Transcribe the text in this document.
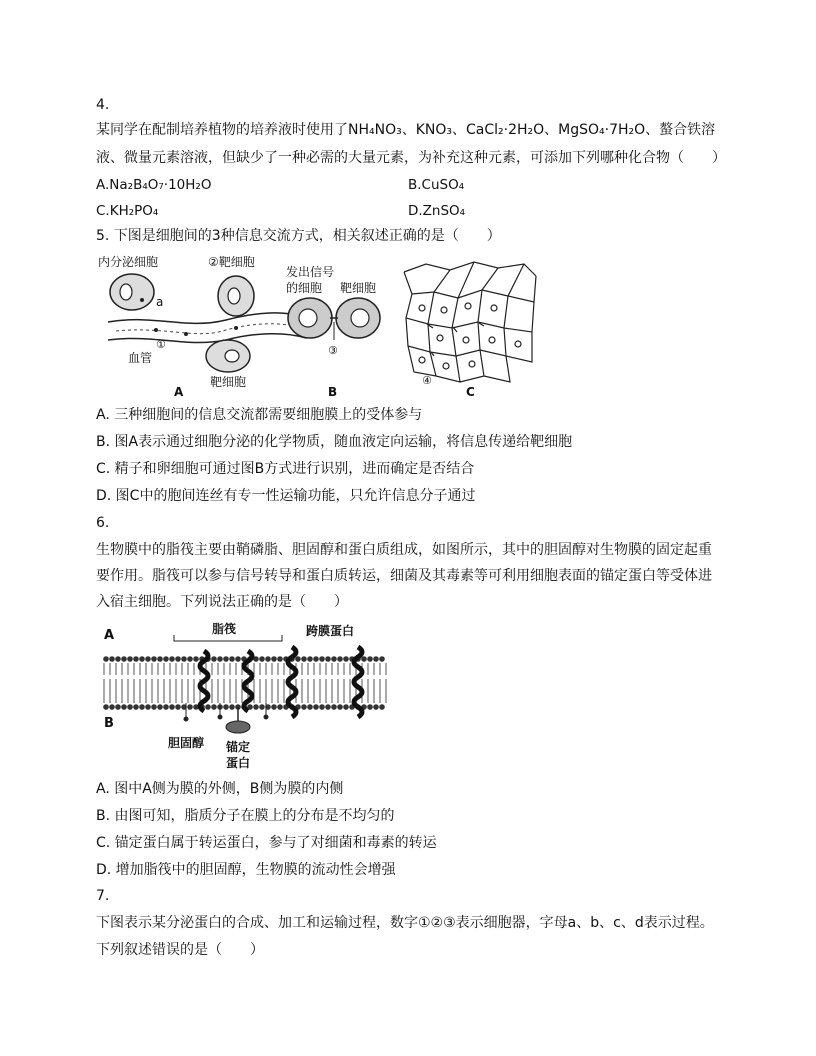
4.
某同学在配制培养植物的培养液时使用了NH₄NO₃、KNO₃、CaCl₂·2H₂O、MgSO₄·7H₂O、螯合铁溶
液、微量元素溶液，但缺少了一种必需的大量元素，为补充这种元素，可添加下列哪种化合物（　　）
A.Na₂B₄O₇·10H₂O	B.CuSO₄
C.KH₂PO₄	D.ZnSO₄
5. 下图是细胞间的3种信息交流方式，相关叙述正确的是（　　）
内分泌细胞
a
血管
①
②靶细胞
靶细胞
A
发出信号
的细胞 靶细胞
③
B
④
C
A. 三种细胞间的信息交流都需要细胞膜上的受体参与
B. 图A表示通过细胞分泌的化学物质，随血液定向运输，将信息传递给靶细胞
C. 精子和卵细胞可通过图B方式进行识别，进而确定是否结合
D. 图C中的胞间连丝有专一性运输功能，只允许信息分子通过
6.
生物膜中的脂筏主要由鞘磷脂、胆固醇和蛋白质组成，如图所示，其中的胆固醇对生物膜的固定起重
要作用。脂筏可以参与信号转导和蛋白质转运，细菌及其毒素等可利用细胞表面的锚定蛋白等受体进
入宿主细胞。下列说法正确的是（　　）
A
B
脂筏	跨膜蛋白
胆固醇 锚定
蛋白
A. 图中A侧为膜的外侧，B侧为膜的内侧
B. 由图可知，脂质分子在膜上的分布是不均匀的
C. 锚定蛋白属于转运蛋白，参与了对细菌和毒素的转运
D. 增加脂筏中的胆固醇，生物膜的流动性会增强
7.
下图表示某分泌蛋白的合成、加工和运输过程，数字①②③表示细胞器，字母a、b、c、d表示过程。
下列叙述错误的是（　　）
